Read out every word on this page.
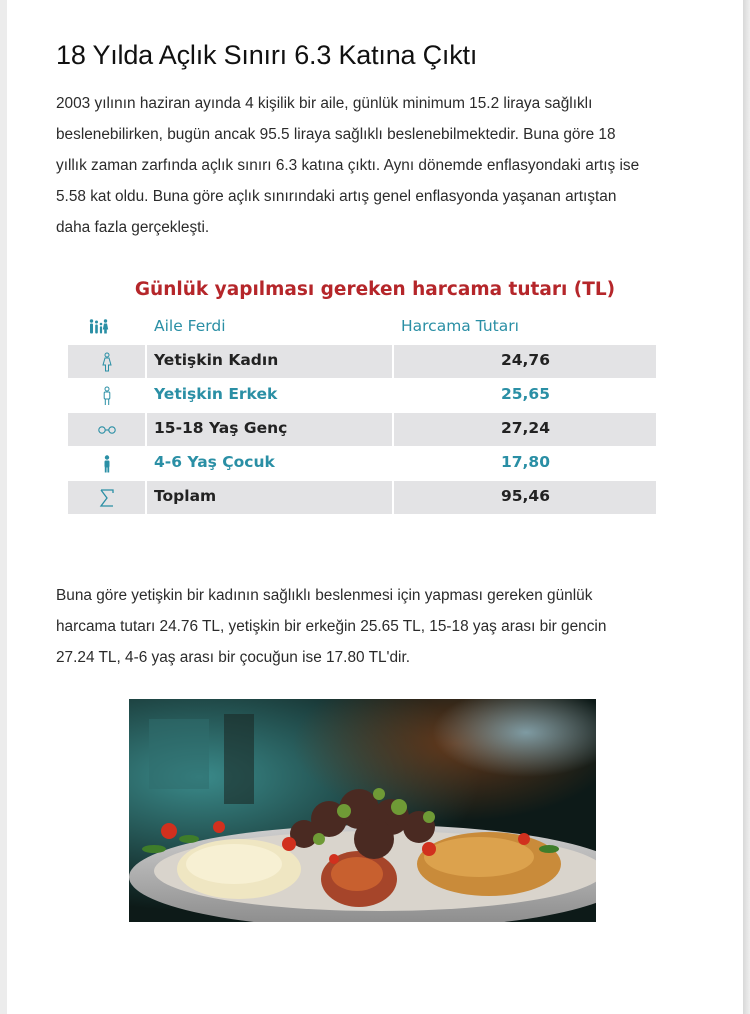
18 Yılda Açlık Sınırı 6.3 Katına Çıktı
2003 yılının haziran ayında 4 kişilik bir aile, günlük minimum 15.2 liraya sağlıklı
beslenebilirken, bugün ancak 95.5 liraya sağlıklı beslenebilmektedir. Buna göre 18
yıllık zaman zarfında açlık sınırı 6.3 katına çıktı. Aynı dönemde enflasyondaki artış ise
5.58 kat oldu. Buna göre açlık sınırındaki artış genel enflasyonda yaşanan artıştan
daha fazla gerçekleşti.
Günlük yapılması gereken harcama tutarı (TL)
Aile Ferdi	Harcama Tutarı
Yetişkin Kadın	24,76
Yetişkin Erkek	25,65
15-18 Yaş Genç	27,24
4-6 Yaş Çocuk	17,80
Toplam	95,46
Buna göre yetişkin bir kadının sağlıklı beslenmesi için yapması gereken günlük
harcama tutarı 24.76 TL, yetişkin bir erkeğin 25.65 TL, 15-18 yaş arası bir gencin
27.24 TL, 4-6 yaş arası bir çocuğun ise 17.80 TL'dir.
